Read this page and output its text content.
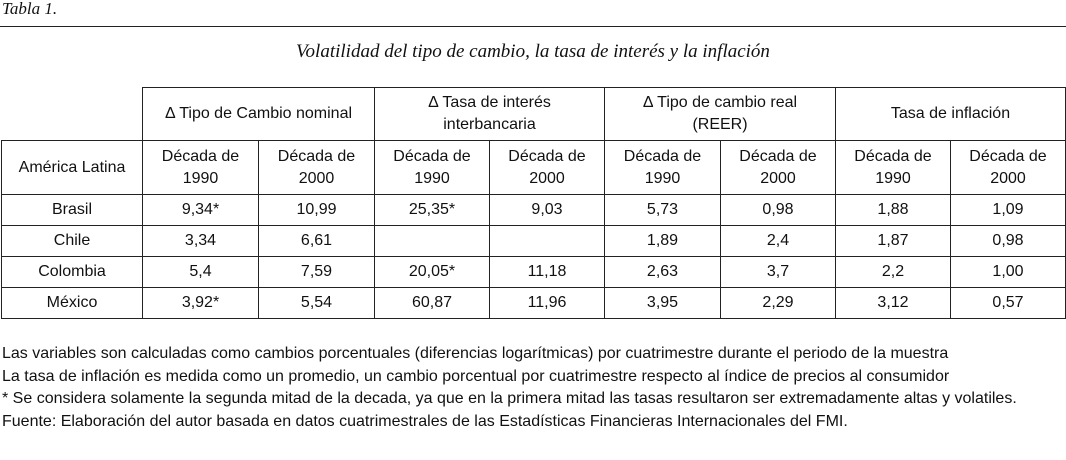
Tabla 1.
Volatilidad del tipo de cambio, la tasa de interés y la inflación
	Δ Tipo de Cambio nominal		Δ Tasa de interés interbancaria		Δ Tipo de cambio real (REER)		Tasa de inflación	
América Latina	Década de 1990	Década de 2000	Década de 1990	Década de 2000	Década de 1990	Década de 2000	Década de 1990	Década de 2000
Brasil	9,34*	10,99	25,35*	9,03	5,73	0,98	1,88	1,09
Chile	3,34	6,61			1,89	2,4	1,87	0,98
Colombia	5,4	7,59	20,05*	11,18	2,63	3,7	2,2	1,00
México	3,92*	5,54	60,87	11,96	3,95	2,29	3,12	0,57

Las variables son calculadas como cambios porcentuales (diferencias logarítmicas) por cuatrimestre durante el periodo de la muestra

La tasa de inflación es medida como un promedio, un cambio porcentual por cuatrimestre respecto al índice de precios al consumidor

* Se considera solamente la segunda mitad de la decada, ya que en la primera mitad las tasas resultaron ser extremadamente altas y volatiles.

Fuente: Elaboración del autor basada en datos cuatrimestrales de las Estadísticas Financieras Internacionales del FMI.
